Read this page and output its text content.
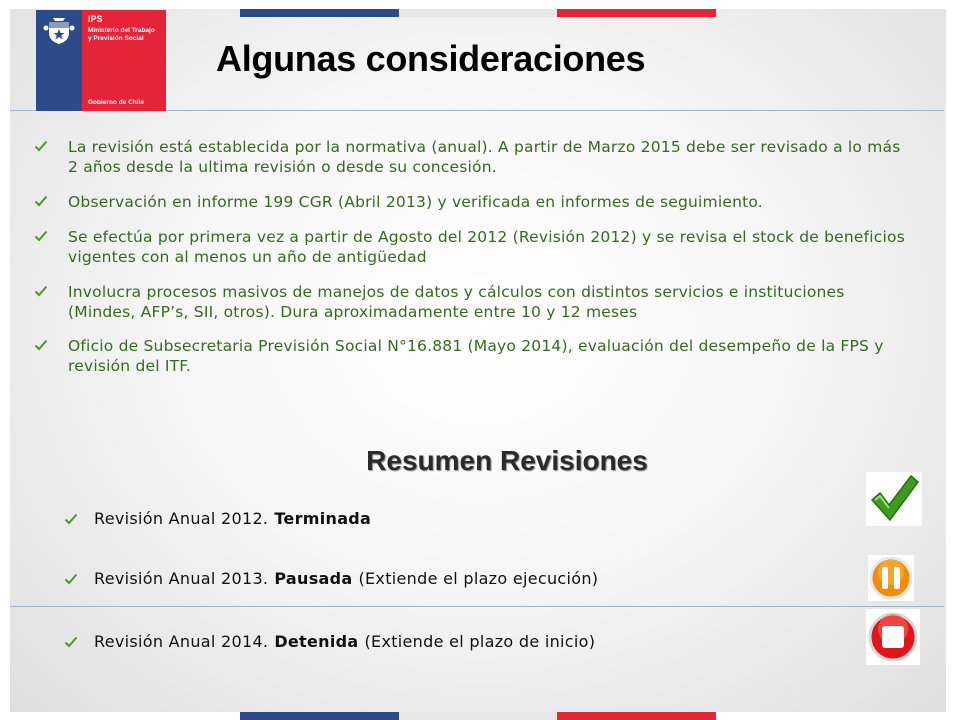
IPS
Ministerio del Trabajo
y Previsión Social
Gobierno de Chile
Algunas consideraciones
La revisión está establecida por la normativa (anual). A partir de Marzo 2015 debe ser revisado a lo más 2 años desde la ultima revisión o desde su concesión.
Observación en informe 199 CGR (Abril 2013) y verificada en informes de seguimiento.
Se efectúa por primera vez a partir de Agosto del 2012 (Revisión 2012) y se revisa el stock de beneficios vigentes con al menos un año de antigüedad
Involucra procesos masivos de manejos de datos y cálculos con distintos servicios e instituciones (Mindes, AFP’s, SII, otros). Dura aproximadamente entre 10 y 12 meses
Oficio de Subsecretaria Previsión Social N°16.881 (Mayo 2014), evaluación del desempeño de la FPS y revisión del ITF.
Resumen Revisiones
Revisión Anual 2012. Terminada
Revisión Anual 2013. Pausada (Extiende el plazo ejecución)
Revisión Anual 2014. Detenida (Extiende el plazo de inicio)
